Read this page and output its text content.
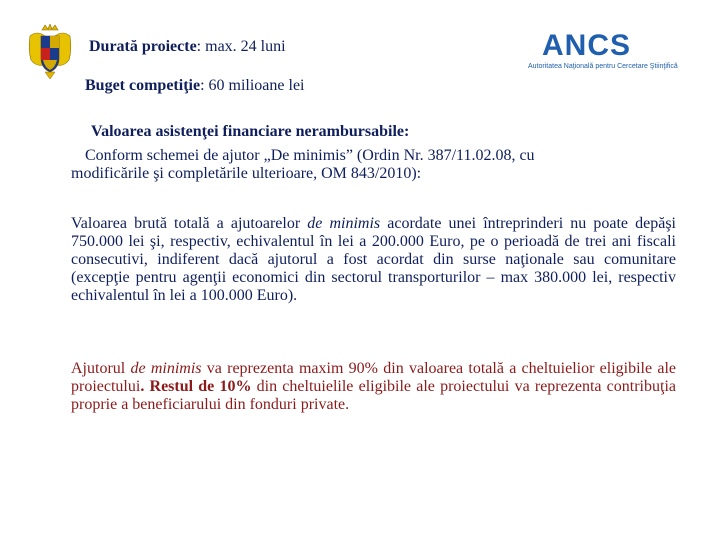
Durată proiecte: max. 24 luni
Buget competiţie: 60 milioane lei
ANCS
Autoritatea Naţională pentru Cercetare Ştiinţifică
Valoarea asistenţei financiare nerambursabile:
Conform schemei de ajutor „De minimis” (Ordin Nr. 387/11.02.08, cu
modificările şi completările ulterioare, OM 843/2010):
Valoarea brută totală a ajutoarelor de minimis acordate unei întreprinderi nu poate depăşi 750.000 lei şi, respectiv, echivalentul în lei a 200.000 Euro, pe o perioadă de trei ani fiscali consecutivi, indiferent dacă ajutorul a fost acordat din surse naţionale sau comunitare (excepţie pentru agenţii economici din sectorul transporturilor – max 380.000 lei, respectiv echivalentul în lei a 100.000 Euro).
Ajutorul de minimis va reprezenta maxim 90% din valoarea totală a cheltuielior eligibile ale proiectului. Restul de 10% din cheltuielile eligibile ale proiectului va reprezenta contribuţia proprie a beneficiarului din fonduri private.
